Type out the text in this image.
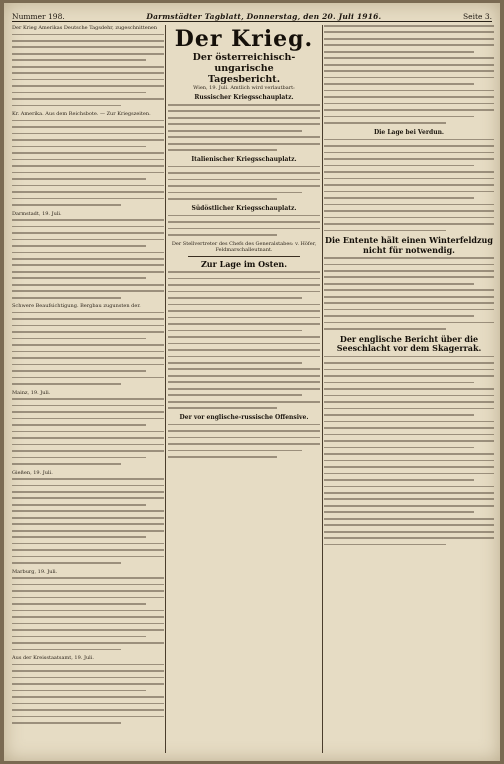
Nummer 198.	Darmstädter Tagblatt, Donnerstag, den 20. Juli 1916.	Seite 3.

Der Krieg Amerikas Deutsche Tagsdehr, zugeschnittenen

Kr. Amerika. Aus dem Reichsbote. — Zur Kriegszeiten.

Darmstadt, 19. Juli.

Schwere Beaufsichtigung. Bergbau zugunsten der.

Mainz, 19. Juli.

Gießen, 19. Juli.

Marburg, 19. Juli.

Aus der Kreisstaatsamt, 19. Juli.

Der Krieg.
Der österreichisch-ungarische
Tagesbericht.
Wien, 19. Juli. Amtlich wird verlautbart:
Russischer Kriegsschauplatz.
Italienischer Kriegsschauplatz.
Südöstlicher Kriegsschauplatz.
Der Stellvertreter des Chefs des Generalstabes: v. Höfer, Feldmarschalleutnant.
Zur Lage im Osten.
Der vor englische-russische Offensive.
Die Lage bei Verdun.
Die Entente hält einen Winterfeldzug nicht für notwendig.
Der englische Bericht über die Seeschlacht vor dem Skagerrak.
